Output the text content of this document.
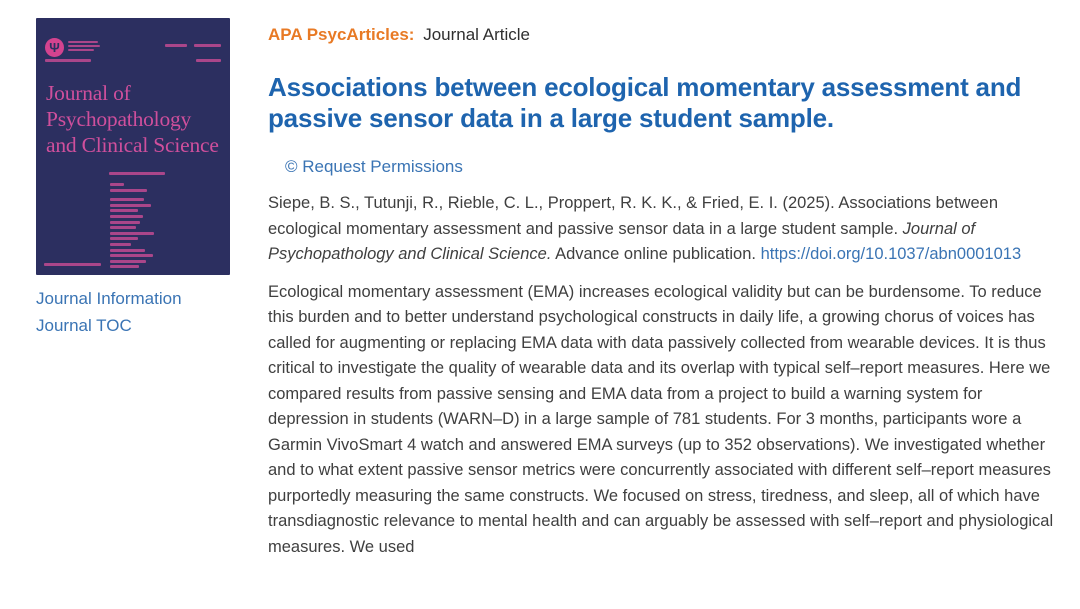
Ψ
Journal of Psychopathology and Clinical Science
Journal Information
Journal TOC
APA PsycArticles: Journal Article
Associations between ecological momentary assessment and passive sensor data in a large student sample.
© Request Permissions

Siepe, B. S., Tutunji, R., Rieble, C. L., Proppert, R. K. K., & Fried, E. I. (2025). Associations between ecological momentary assessment and passive sensor data in a large student sample. Journal of Psychopathology and Clinical Science. Advance online publication. https://doi.org/10.1037/abn0001013

Ecological momentary assessment (EMA) increases ecological validity but can be burdensome. To reduce this burden and to better understand psychological constructs in daily life, a growing chorus of voices has called for augmenting or replacing EMA data with data passively collected from wearable devices. It is thus critical to investigate the quality of wearable data and its overlap with typical self–report measures. Here we compared results from passive sensing and EMA data from a project to build a warning system for depression in students (WARN–D) in a large sample of 781 students. For 3 months, participants wore a Garmin VivoSmart 4 watch and answered EMA surveys (up to 352 observations). We investigated whether and to what extent passive sensor metrics were concurrently associated with different self–report measures purportedly measuring the same constructs. We focused on stress, tiredness, and sleep, all of which have transdiagnostic relevance to mental health and can arguably be assessed with self–report and physiological measures. We used
